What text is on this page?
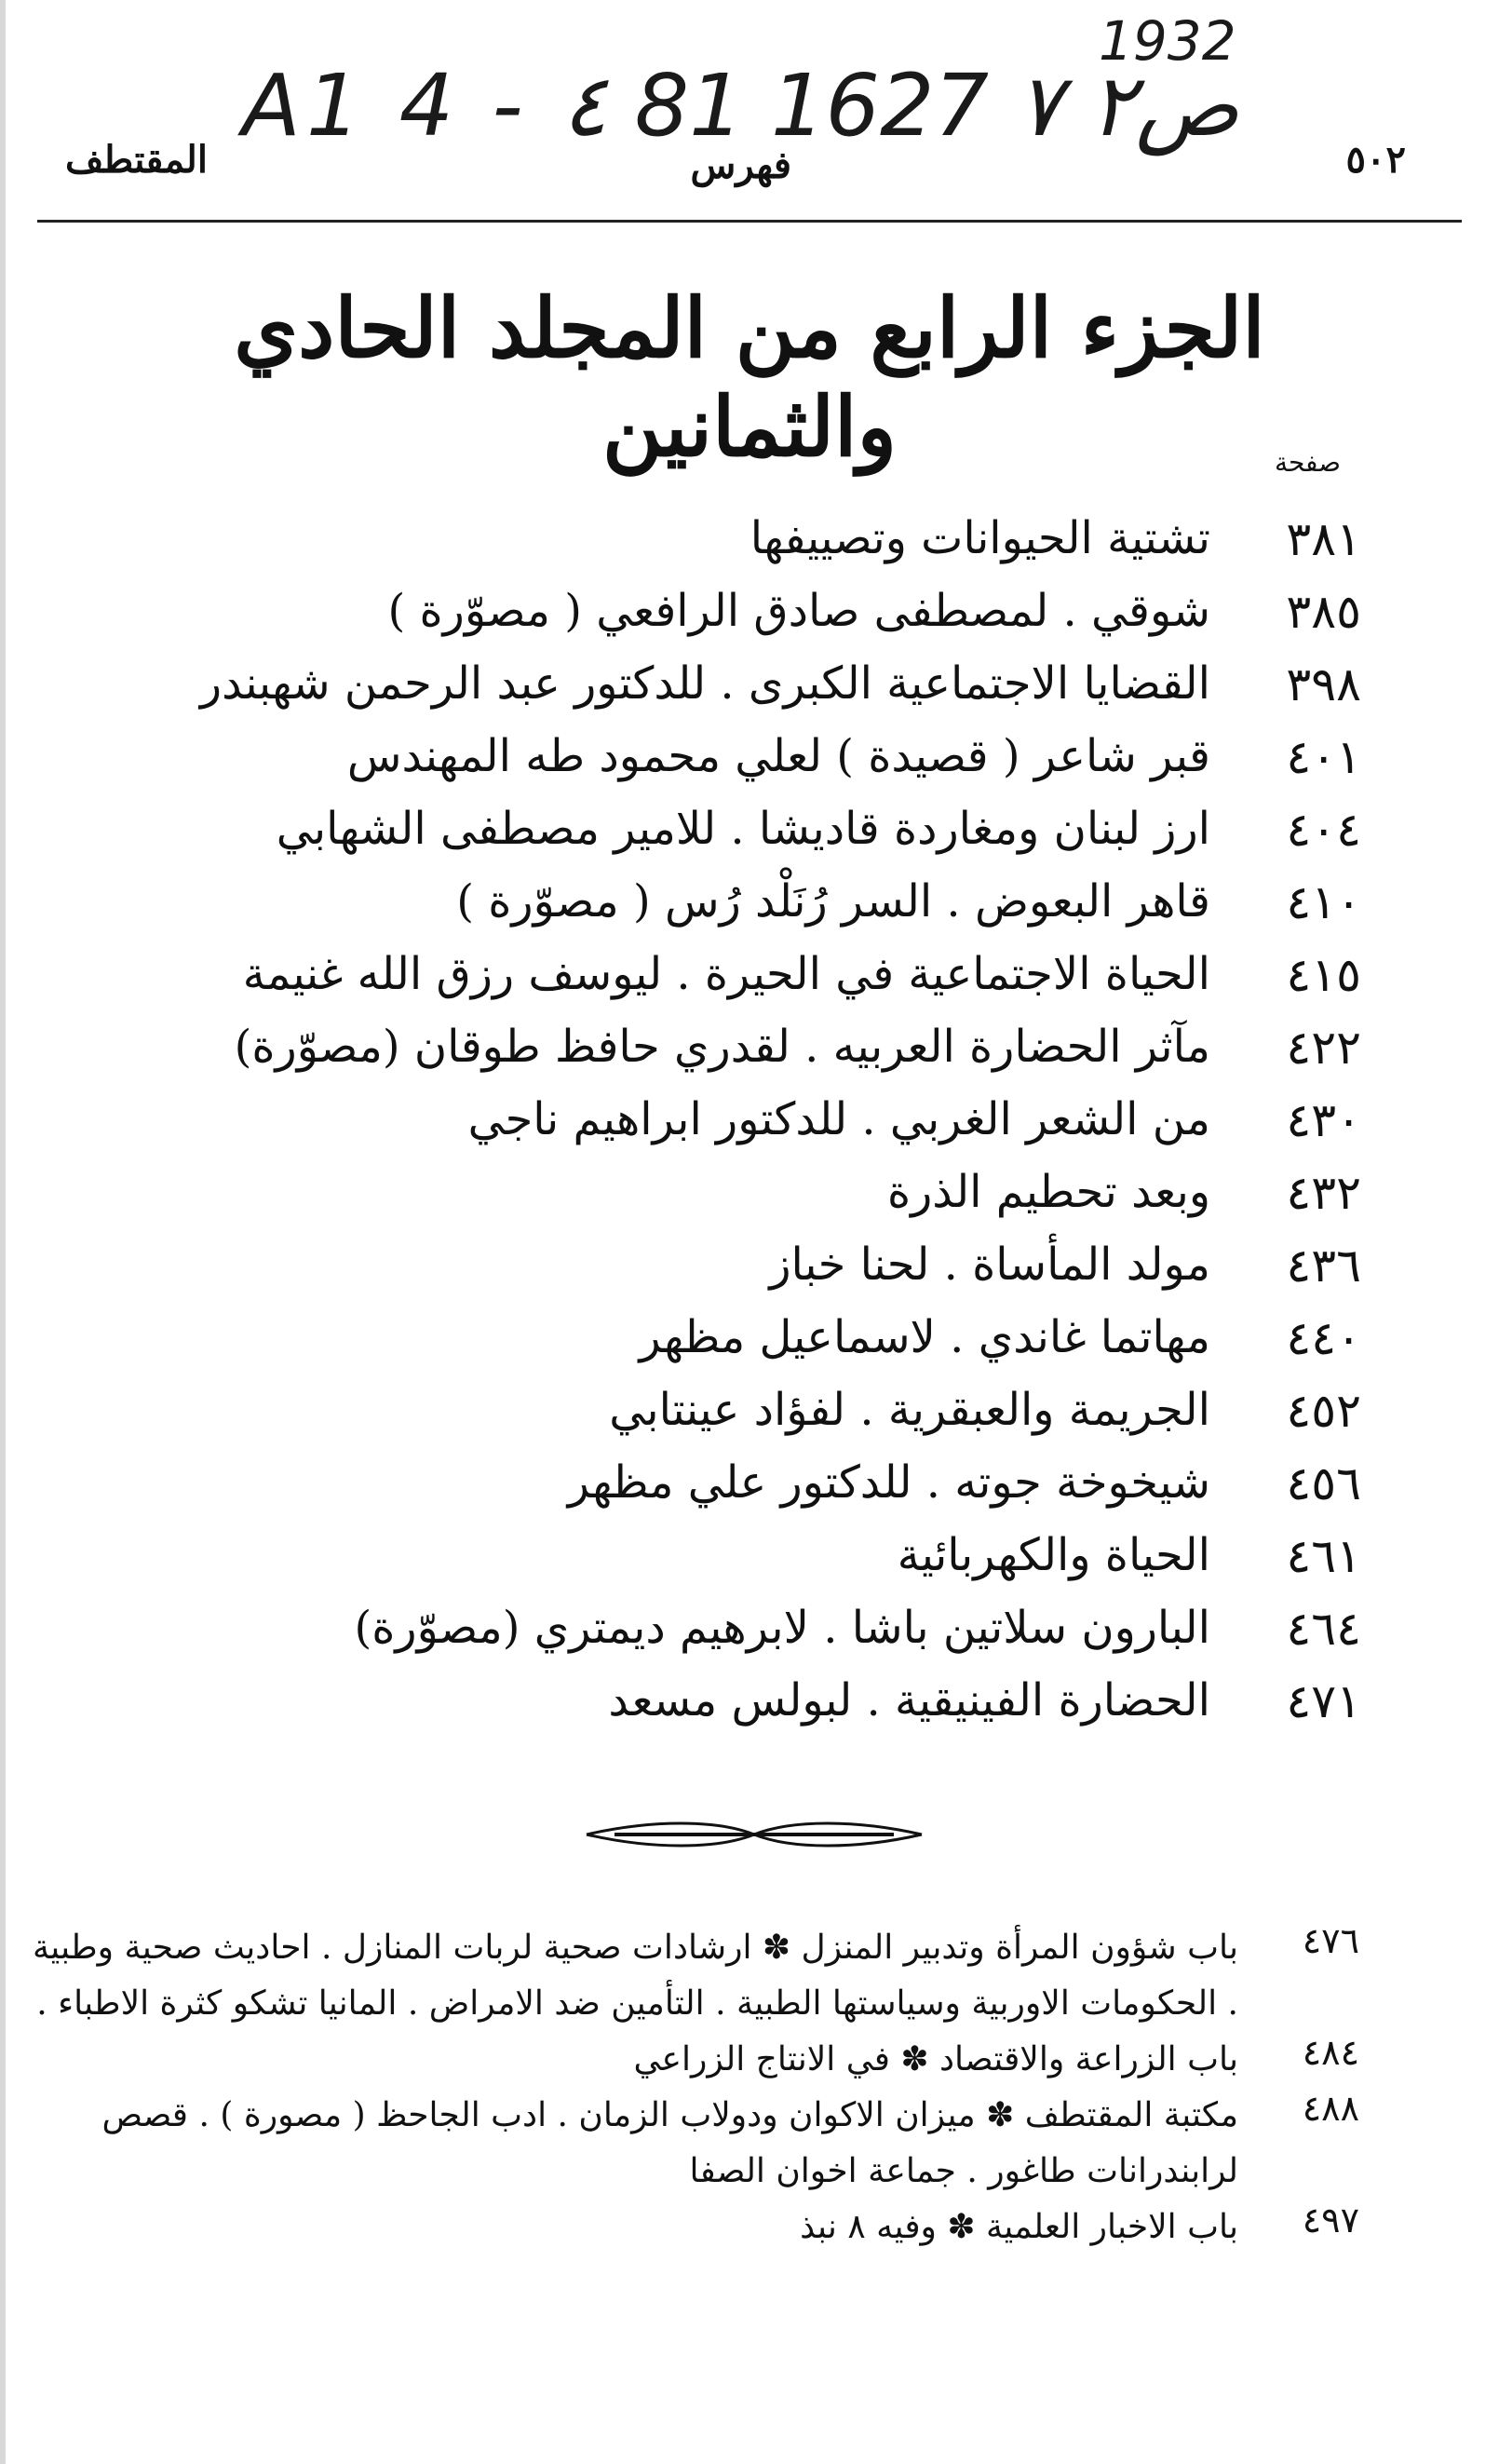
1932
A1 4 - ٤ 81 ص٢ ٧ 1627
٥٠٢
فهرس
المقتطف
الجزء الرابع من المجلد الحادي والثمانين	صفحة
٣٨١
تشتية الحيوانات وتصييفها
٣٨٥
شوقي . لمصطفى صادق الرافعي ( مصوّرة )
٣٩٨
القضايا الاجتماعية الكبرى . للدكتور عبد الرحمن شهبندر
٤٠١
قبر شاعر ( قصيدة ) لعلي محمود طه المهندس
٤٠٤
ارز لبنان ومغاردة قاديشا . للامير مصطفى الشهابي
٤١٠
قاهر البعوض . السر رُنَلْد رُس ( مصوّرة )
٤١٥
الحياة الاجتماعية في الحيرة . ليوسف رزق الله غنيمة
٤٢٢
مآثر الحضارة العربيه . لقدري حافظ طوقان (مصوّرة)
٤٣٠
من الشعر الغربي . للدكتور ابراهيم ناجي
٤٣٢
وبعد تحطيم الذرة
٤٣٦
مولد المأساة . لحنا خباز
٤٤٠
مهاتما غاندي . لاسماعيل مظهر
٤٥٢
الجريمة والعبقرية . لفؤاد عينتابي
٤٥٦
شيخوخة جوته . للدكتور علي مظهر
٤٦١
الحياة والكهربائية
٤٦٤
البارون سلاتين باشا . لابرهيم ديمتري (مصوّرة)
٤٧١
الحضارة الفينيقية . لبولس مسعد
٤٧٦
باب شؤون المرأة وتدبير المنزل ✽ ارشادات صحية لربات المنازل . احاديث صحية وطبية . الحكومات الاوربية وسياستها الطبية . التأمين ضد الامراض . المانيا تشكو كثرة الاطباء .
٤٨٤
باب الزراعة والاقتصاد ✽ في الانتاج الزراعي
٤٨٨
مكتبة المقتطف ✽ ميزان الاكوان ودولاب الزمان . ادب الجاحظ ( مصورة ) . قصص لرابندرانات طاغور . جماعة اخوان الصفا
٤٩٧
باب الاخبار العلمية ✽ وفيه ٨ نبذ
